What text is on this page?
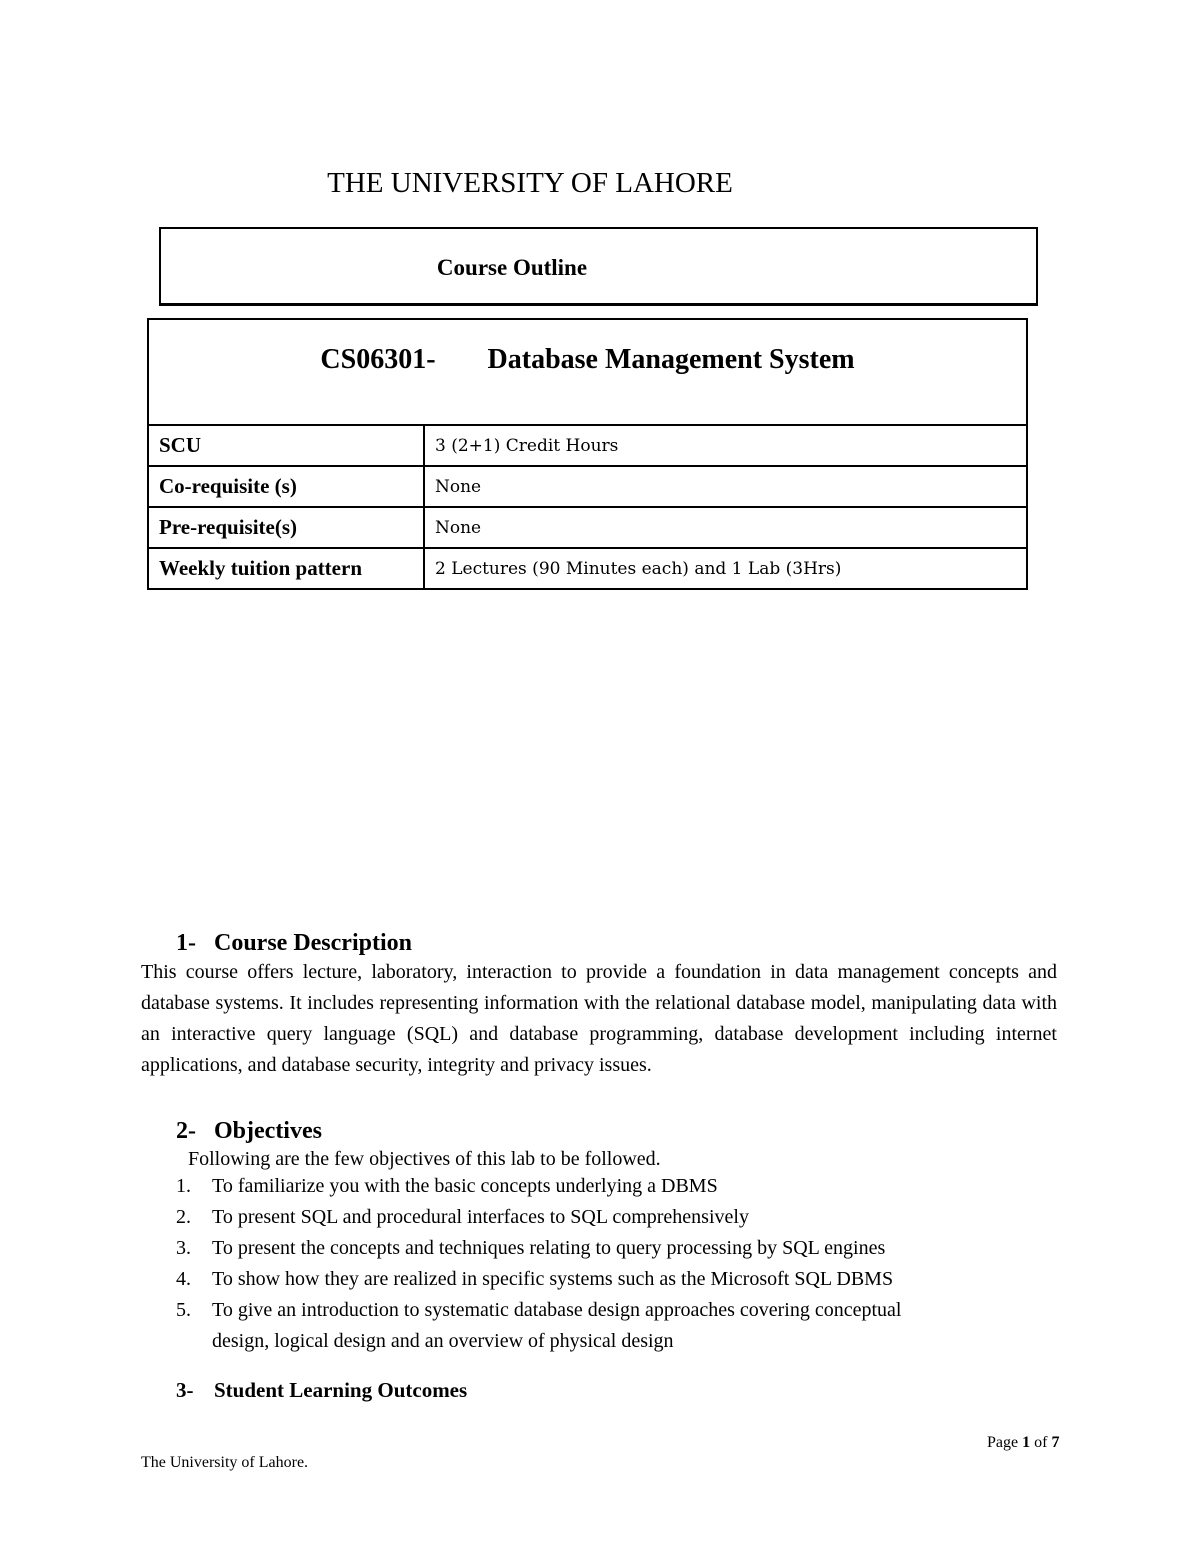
THE UNIVERSITY OF LAHORE
Course Outline
CS06301- Database Management System	
SCU	3 (2+1) Credit Hours
Co-requisite (s)	None
Pre-requisite(s)	None
Weekly tuition pattern	2 Lectures (90 Minutes each) and 1 Lab (3Hrs)
1- Course Description
This course offers lecture, laboratory, interaction to provide a foundation in data management concepts and database systems. It includes representing information with the relational database model, manipulating data with an interactive query language (SQL) and database programming, database development including internet applications, and database security, integrity and privacy issues.
2- Objectives
Following are the few objectives of this lab to be followed.
1. To familiarize you with the basic concepts underlying a DBMS
2. To present SQL and procedural interfaces to SQL comprehensively
3. To present the concepts and techniques relating to query processing by SQL engines
4. To show how they are realized in specific systems such as the Microsoft SQL DBMS
5. To give an introduction to systematic database design approaches covering conceptual
design, logical design and an overview of physical design
3- Student Learning Outcomes
Page 1 of 7
The University of Lahore.
